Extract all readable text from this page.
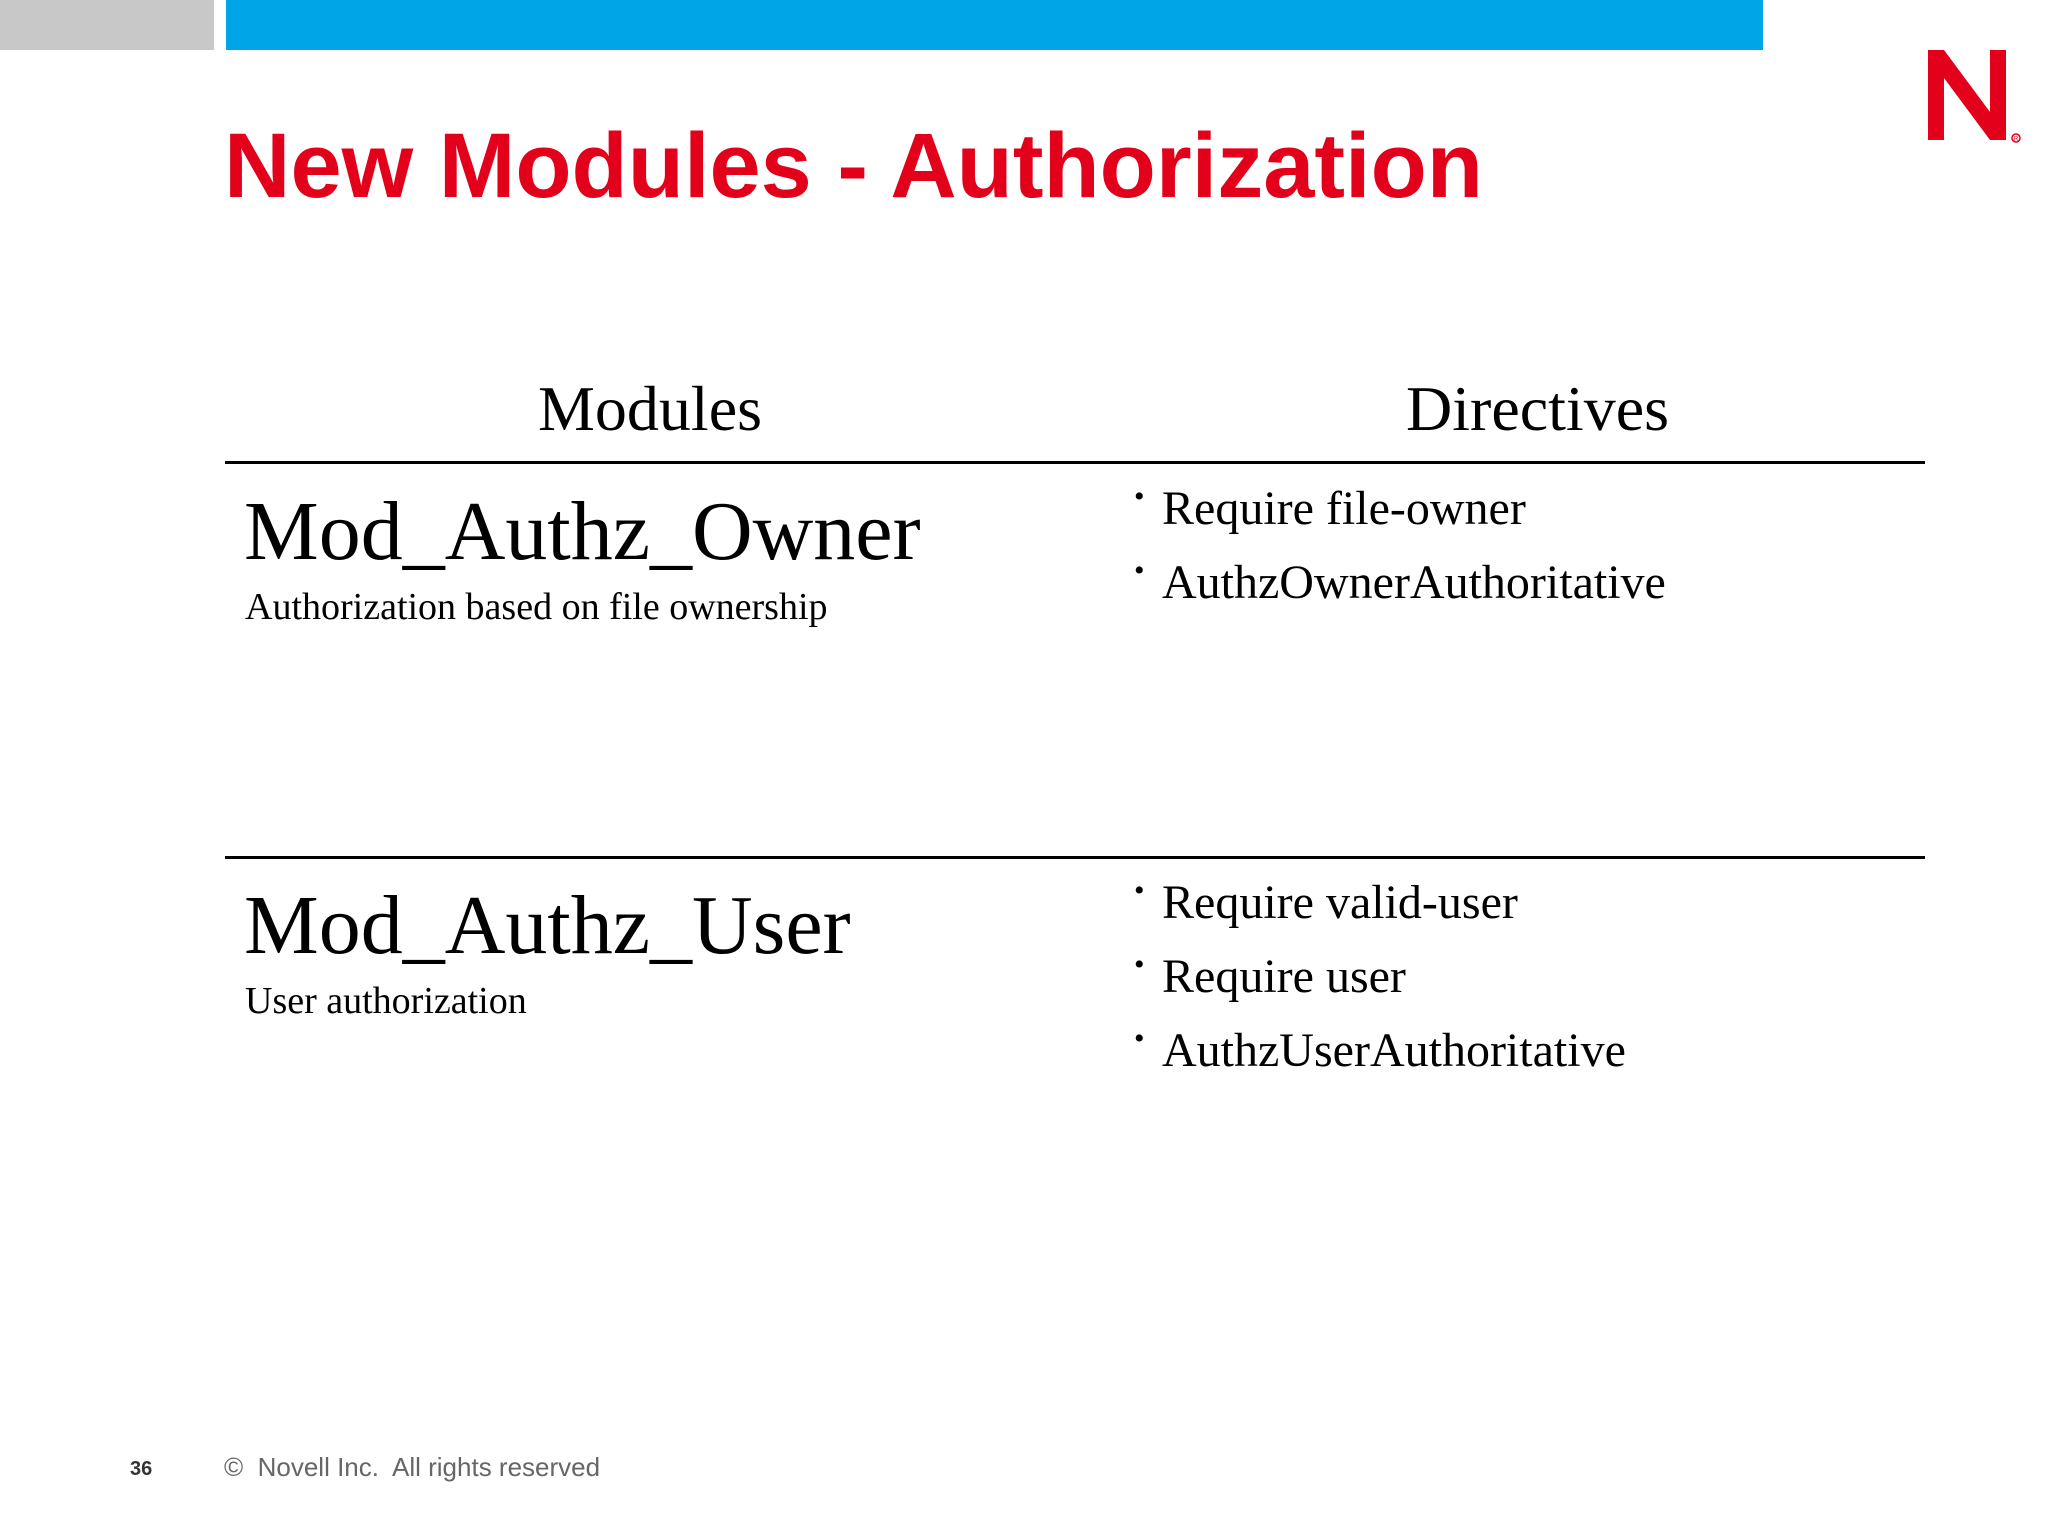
R
New Modules - Authorization
Modules	Directives
Mod_Authz_Owner
Authorization based on file ownership
• Require file-owner
• AuthzOwnerAuthoritative
Mod_Authz_User
User authorization
• Require valid-user
• Require user
• AuthzUserAuthoritative
36	©  Novell Inc.  All rights reserved
